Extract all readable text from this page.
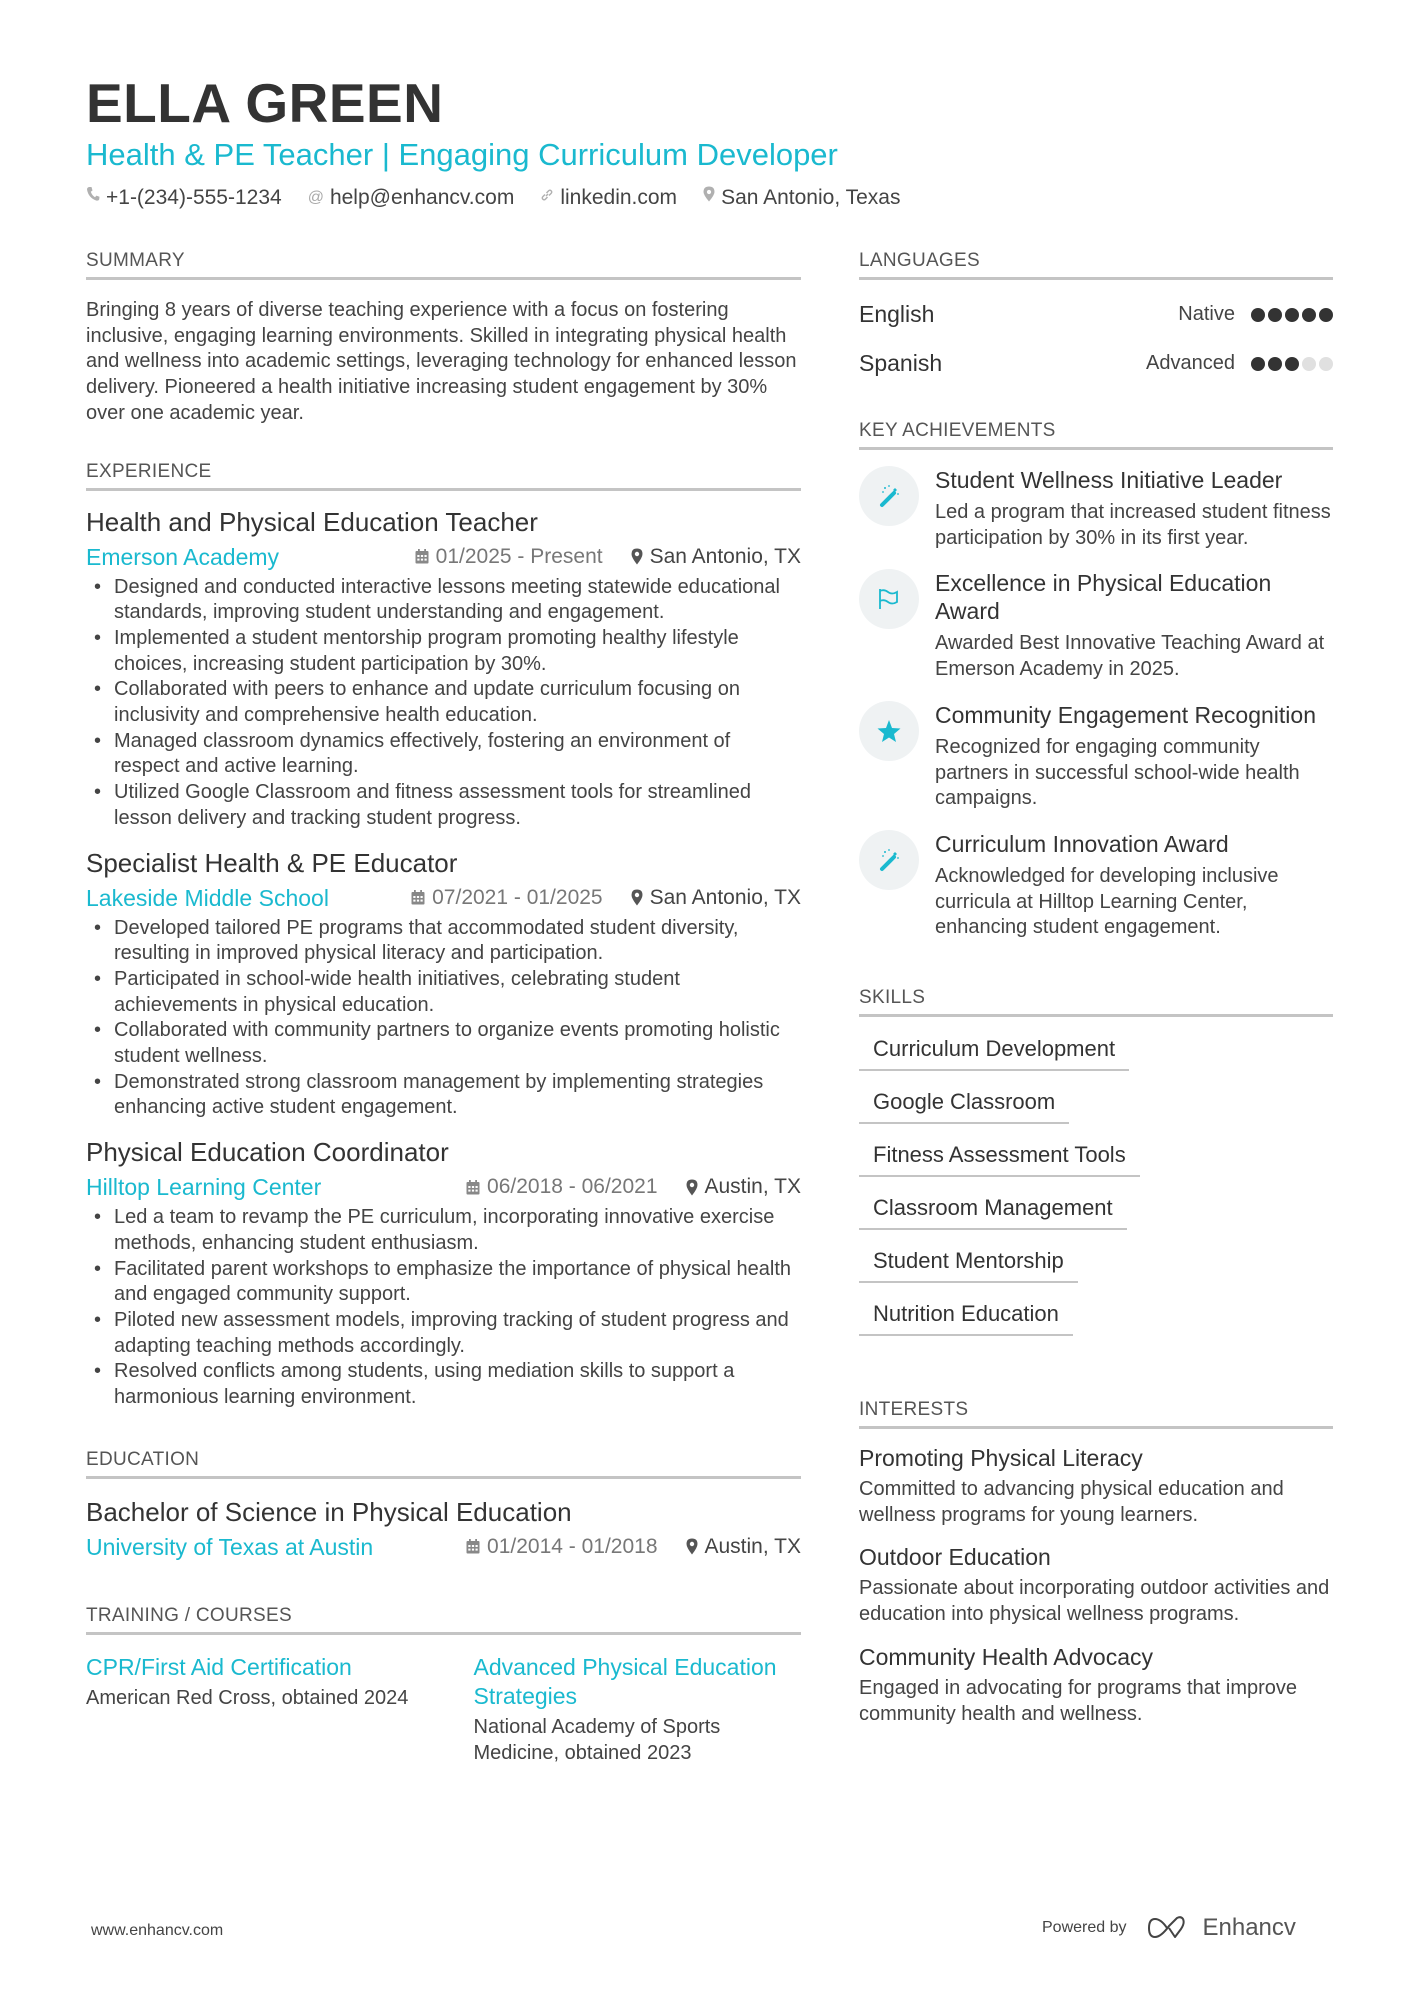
ELLA GREEN
Health & PE Teacher | Engaging Curriculum Developer
+1-(234)-555-1234 @ help@enhancv.com linkedin.com San Antonio, Texas
SUMMARY

Bringing 8 years of diverse teaching experience with a focus on fostering inclusive, engaging learning environments. Skilled in integrating physical health and wellness into academic settings, leveraging technology for enhanced lesson delivery. Pioneered a health initiative increasing student engagement by 30% over one academic year.

EXPERIENCE
Health and Physical Education Teacher
Emerson Academy	01/2025 - Present San Antonio, TX
• Designed and conducted interactive lessons meeting statewide educational standards, improving student understanding and engagement.
• Implemented a student mentorship program promoting healthy lifestyle choices, increasing student participation by 30%.
• Collaborated with peers to enhance and update curriculum focusing on inclusivity and comprehensive health education.
• Managed classroom dynamics effectively, fostering an environment of respect and active learning.
• Utilized Google Classroom and fitness assessment tools for streamlined lesson delivery and tracking student progress.
Specialist Health & PE Educator
Lakeside Middle School	07/2021 - 01/2025 San Antonio, TX
• Developed tailored PE programs that accommodated student diversity, resulting in improved physical literacy and participation.
• Participated in school-wide health initiatives, celebrating student achievements in physical education.
• Collaborated with community partners to organize events promoting holistic student wellness.
• Demonstrated strong classroom management by implementing strategies enhancing active student engagement.
Physical Education Coordinator
Hilltop Learning Center	06/2018 - 06/2021 Austin, TX
• Led a team to revamp the PE curriculum, incorporating innovative exercise methods, enhancing student enthusiasm.
• Facilitated parent workshops to emphasize the importance of physical health and engaged community support.
• Piloted new assessment models, improving tracking of student progress and adapting teaching methods accordingly.
• Resolved conflicts among students, using mediation skills to support a harmonious learning environment.
EDUCATION
Bachelor of Science in Physical Education
University of Texas at Austin	01/2014 - 01/2018 Austin, TX
TRAINING / COURSES
CPR/First Aid Certification
American Red Cross, obtained 2024
Advanced Physical Education Strategies
National Academy of Sports Medicine, obtained 2023
LANGUAGES
English	Native
Spanish	Advanced
KEY ACHIEVEMENTS
Student Wellness Initiative Leader
Led a program that increased student fitness participation by 30% in its first year.
Excellence in Physical Education Award
Awarded Best Innovative Teaching Award at Emerson Academy in 2025.
Community Engagement Recognition
Recognized for engaging community partners in successful school-wide health campaigns.
Curriculum Innovation Award
Acknowledged for developing inclusive curricula at Hilltop Learning Center, enhancing student engagement.
SKILLS
Curriculum Development
Google Classroom
Fitness Assessment Tools
Classroom Management
Student Mentorship
Nutrition Education
INTERESTS
Promoting Physical Literacy
Committed to advancing physical education and wellness programs for young learners.
Outdoor Education
Passionate about incorporating outdoor activities and education into physical wellness programs.
Community Health Advocacy
Engaged in advocating for programs that improve community health and wellness.
www.enhancv.com	Powered by	Enhancv
